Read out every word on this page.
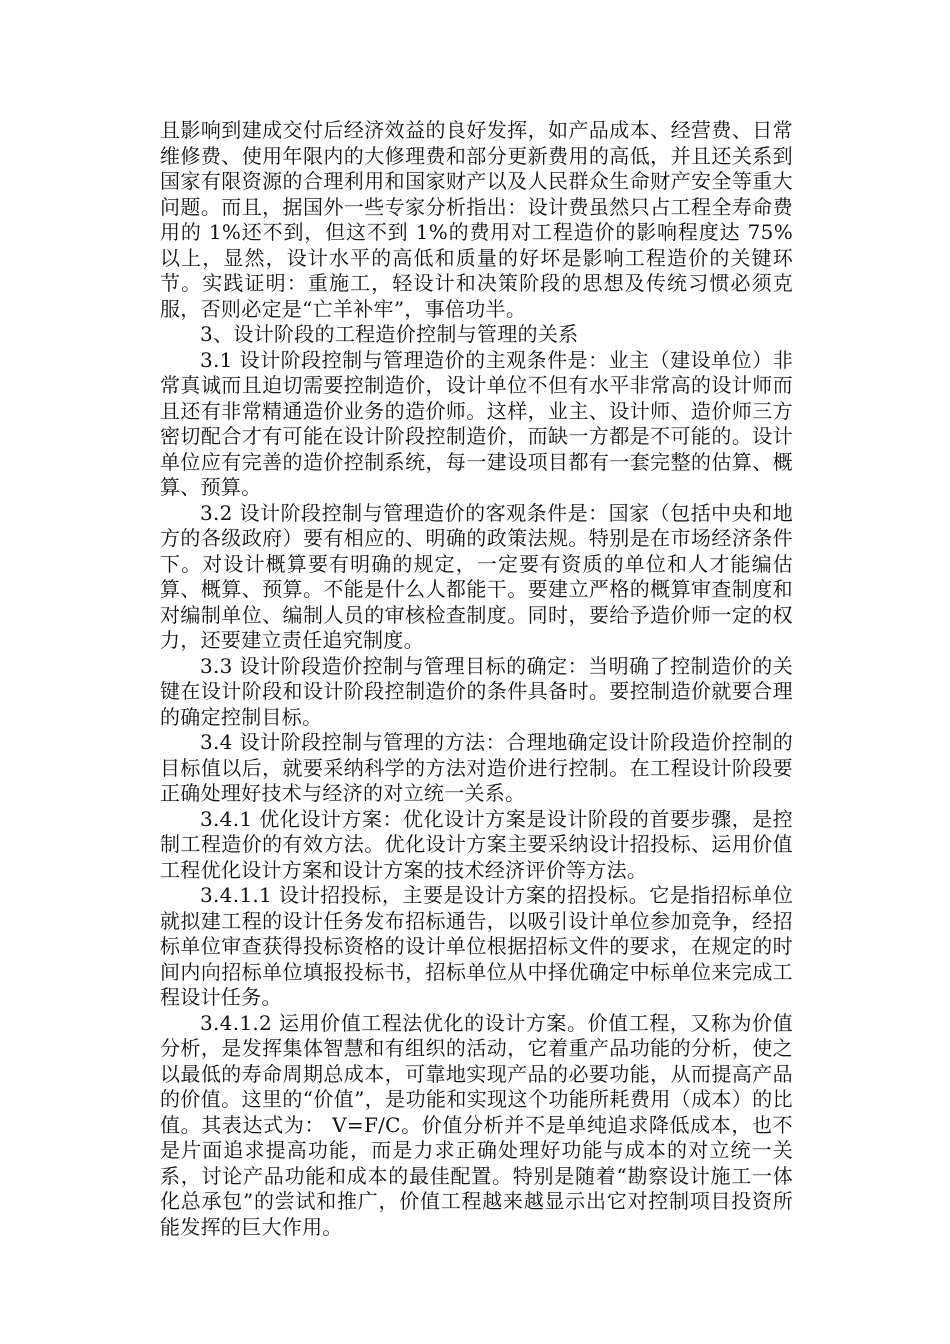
且影响到建成交付后经济效益的良好发挥，如产品成本、经营费、日常维修费、使用年限内的大修理费和部分更新费用的高低，并且还关系到国家有限资源的合理利用和国家财产以及人民群众生命财产安全等重大问题。而且，据国外一些专家分析指出：设计费虽然只占工程全寿命费用的 1%还不到，但这不到 1%的费用对工程造价的影响程度达 75%以上，显然，设计水平的高低和质量的好坏是影响工程造价的关键环节。实践证明：重施工，轻设计和决策阶段的思想及传统习惯必须克服，否则必定是“亡羊补牢”，事倍功半。

3、设计阶段的工程造价控制与管理的关系

3.1 设计阶段控制与管理造价的主观条件是：业主（建设单位）非常真诚而且迫切需要控制造价，设计单位不但有水平非常高的设计师而且还有非常精通造价业务的造价师。这样，业主、设计师、造价师三方密切配合才有可能在设计阶段控制造价，而缺一方都是不可能的。设计单位应有完善的造价控制系统，每一建设项目都有一套完整的估算、概算、预算。

3.2 设计阶段控制与管理造价的客观条件是：国家（包括中央和地方的各级政府）要有相应的、明确的政策法规。特别是在市场经济条件下。对设计概算要有明确的规定，一定要有资质的单位和人才能编估算、概算、预算。不能是什么人都能干。要建立严格的概算审查制度和对编制单位、编制人员的审核检查制度。同时，要给予造价师一定的权力，还要建立责任追究制度。

3.3 设计阶段造价控制与管理目标的确定：当明确了控制造价的关键在设计阶段和设计阶段控制造价的条件具备时。要控制造价就要合理的确定控制目标。

3.4 设计阶段控制与管理的方法：合理地确定设计阶段造价控制的目标值以后，就要采纳科学的方法对造价进行控制。在工程设计阶段要正确处理好技术与经济的对立统一关系。

3.4.1 优化设计方案：优化设计方案是设计阶段的首要步骤，是控制工程造价的有效方法。优化设计方案主要采纳设计招投标、运用价值工程优化设计方案和设计方案的技术经济评价等方法。

3.4.1.1 设计招投标，主要是设计方案的招投标。它是指招标单位就拟建工程的设计任务发布招标通告，以吸引设计单位参加竞争，经招标单位审查获得投标资格的设计单位根据招标文件的要求，在规定的时间内向招标单位填报投标书，招标单位从中择优确定中标单位来完成工程设计任务。

3.4.1.2 运用价值工程法优化的设计方案。价值工程，又称为价值分析，是发挥集体智慧和有组织的活动，它着重产品功能的分析，使之以最低的寿命周期总成本，可靠地实现产品的必要功能，从而提高产品的价值。这里的“价值”，是功能和实现这个功能所耗费用（成本）的比值。其表达式为： V=F/C。价值分析并不是单纯追求降低成本，也不是片面追求提高功能，而是力求正确处理好功能与成本的对立统一关系，讨论产品功能和成本的最佳配置。特别是随着“勘察设计施工一体化总承包”的尝试和推广，价值工程越来越显示出它对控制项目投资所能发挥的巨大作用。
